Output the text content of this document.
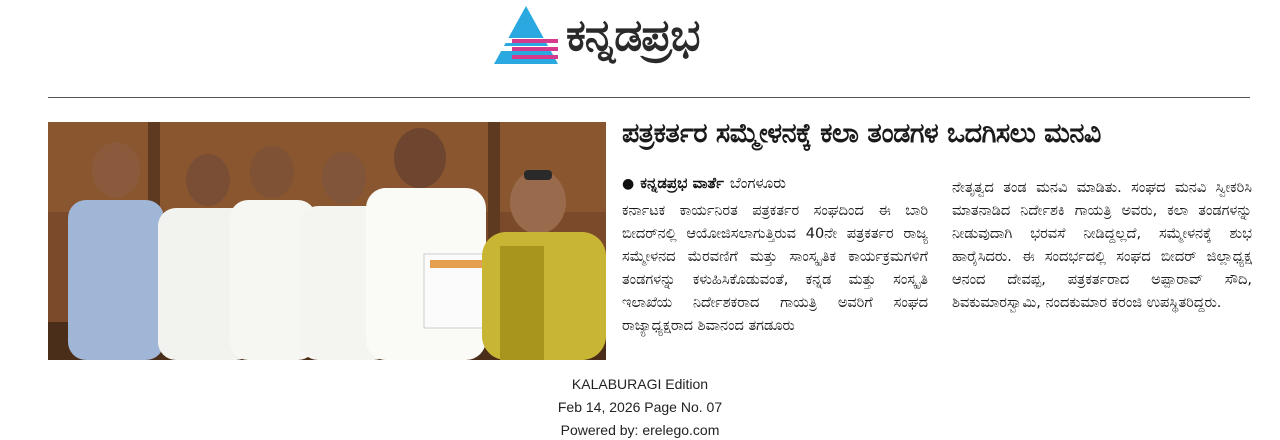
ಕನ್ನಡಪ್ರಭ
ಪತ್ರಕರ್ತರ ಸಮ್ಮೇಳನಕ್ಕೆ ಕಲಾ ತಂಡಗಳ ಒದಗಿಸಲು ಮನವಿ
● ಕನ್ನಡಪ್ರಭ ವಾರ್ತೆ ಬೆಂಗಳೂರು
ಕರ್ನಾಟಕ ಕಾರ್ಯನಿರತ ಪತ್ರಕರ್ತರ ಸಂಘದಿಂದ ಈ ಬಾರಿ ಬೀದರ್‌ನಲ್ಲಿ ಆಯೋಜಿಸಲಾಗುತ್ತಿರುವ 40ನೇ ಪತ್ರಕರ್ತರ ರಾಜ್ಯ ಸಮ್ಮೇಳನದ ಮೆರವಣಿಗೆ ಮತ್ತು ಸಾಂಸ್ಕೃತಿಕ ಕಾರ್ಯಕ್ರಮಗಳಿಗೆ ತಂಡಗಳನ್ನು ಕಳುಹಿಸಿಕೊಡುವಂತೆ, ಕನ್ನಡ ಮತ್ತು ಸಂಸ್ಕೃತಿ ಇಲಾಖೆಯ ನಿರ್ದೇಶಕರಾದ ಗಾಯತ್ರಿ ಅವರಿಗೆ ಸಂಘದ ರಾಜ್ಯಾಧ್ಯಕ್ಷರಾದ ಶಿವಾನಂದ ತಗಡೂರು
ನೇತೃತ್ವದ ತಂಡ ಮನವಿ ಮಾಡಿತು. ಸಂಘದ ಮನವಿ ಸ್ವೀಕರಿಸಿ ಮಾತನಾಡಿದ ನಿರ್ದೇಶಕಿ ಗಾಯತ್ರಿ ಅವರು, ಕಲಾ ತಂಡಗಳನ್ನು ನೀಡುವುದಾಗಿ ಭರವಸೆ ನೀಡಿದ್ದಲ್ಲದೆ, ಸಮ್ಮೇಳನಕ್ಕೆ ಶುಭ ಹಾರೈಸಿದರು. ಈ ಸಂದರ್ಭದಲ್ಲಿ ಸಂಘದ ಬೀದರ್ ಜಿಲ್ಲಾಧ್ಯಕ್ಷ ಆನಂದ ದೇವಪ್ಪ, ಪತ್ರಕರ್ತರಾದ ಅಪ್ಪಾರಾವ್ ಸೌದಿ, ಶಿವಕುಮಾರಸ್ವಾಮಿ, ನಂದಕುಮಾರ ಕರಂಜಿ ಉಪಸ್ಥಿತರಿದ್ದರು.
KALABURAGI Edition
Feb 14, 2026 Page No. 07
Powered by: erelego.com
